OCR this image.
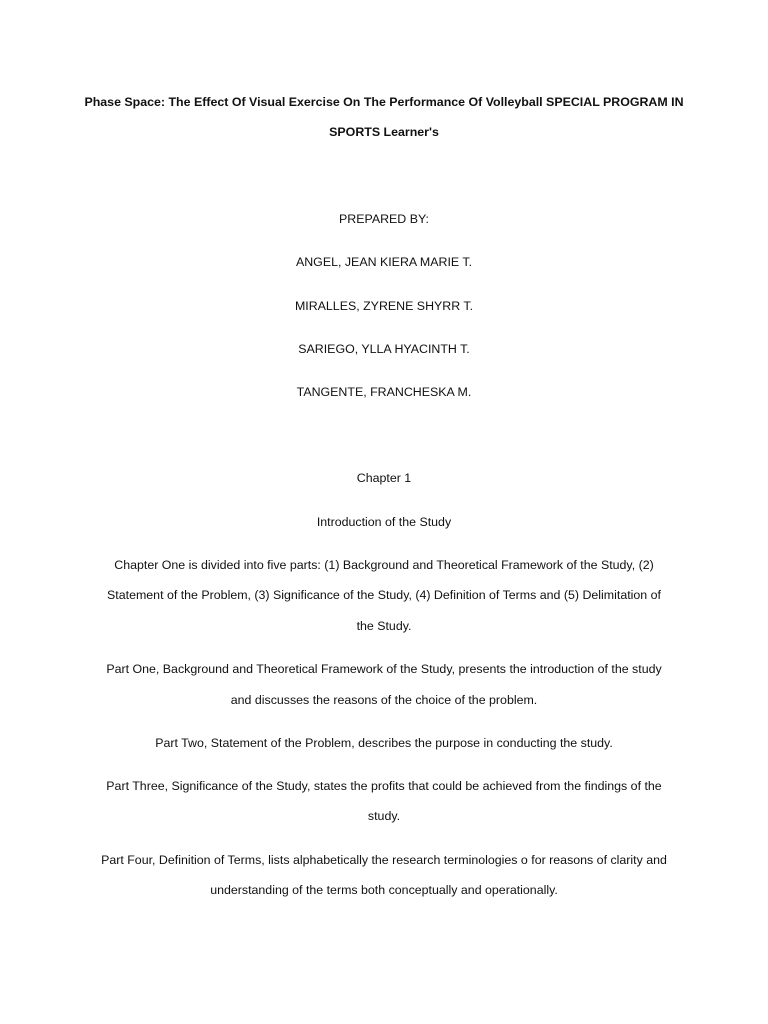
Phase Space: The Effect Of Visual Exercise On The Performance Of Volleyball SPECIAL PROGRAM IN
SPORTS Learner's
PREPARED BY:
ANGEL, JEAN KIERA MARIE T.
MIRALLES, ZYRENE SHYRR T.
SARIEGO, YLLA HYACINTH T.
TANGENTE, FRANCHESKA M.
Chapter 1
Introduction of the Study
Chapter One is divided into five parts: (1) Background and Theoretical Framework of the Study, (2)
Statement of the Problem, (3) Significance of the Study, (4) Definition of Terms and (5) Delimitation of
the Study.
Part One, Background and Theoretical Framework of the Study, presents the introduction of the study
and discusses the reasons of the choice of the problem.
Part Two, Statement of the Problem, describes the purpose in conducting the study.
Part Three, Significance of the Study, states the profits that could be achieved from the findings of the
study.
Part Four, Definition of Terms, lists alphabetically the research terminologies o for reasons of clarity and
understanding of the terms both conceptually and operationally.
